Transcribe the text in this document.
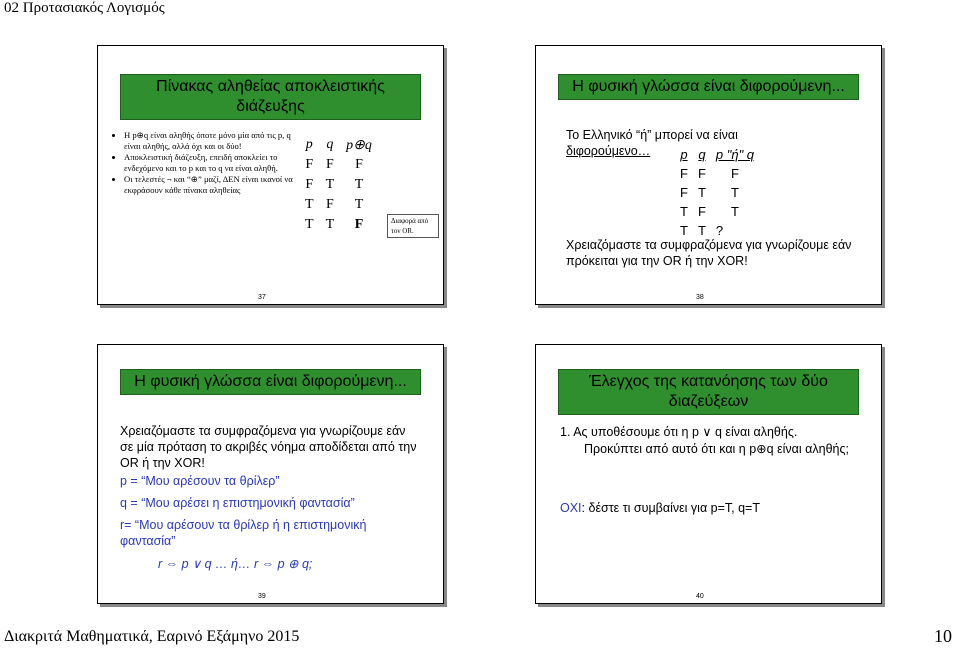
02 Προτασιακός Λογισμός
Πίνακας αληθείας αποκλειστικής διάζευξης
• Η p⊕q είναι αληθής όποτε μόνο μία από τις p, q είναι αληθής, αλλά όχι και οι δύο!
• Αποκλειστική διάζευξη, επειδή αποκλείει το ενδεχόμενο και το p και το q να είναι αληθή.
• Οι τελεστές ¬ και “⊕” μαζί, ΔΕΝ είναι ικανοί να εκφράσουν κάθε πίνακα αληθείας
p	q	p⊕q
F	F	F
F	T	T
T	F	T
T	T	F	Διαφορά από τον OR.
37
Η φυσική γλώσσα είναι διφορούμενη...
Το Ελληνικό “ή” μπορεί να είναι
διφορούμενο… p	q	p "ή" q
F	F	F
F	T	T
T	F	T
T	T	?
Χρειαζόμαστε τα συμφραζόμενα για γνωρίζουμε εάν πρόκειται για την OR ή την XOR!
38
Η φυσική γλώσσα είναι διφορούμενη...
Χρειαζόμαστε τα συμφραζόμενα για γνωρίζουμε εάν σε μία πρόταση το ακριβές νόημα αποδίδεται από την OR ή την XOR!
p = “Μου αρέσουν τα θρίλερ”
q = “Μου αρέσει η επιστημονική φαντασία”
r= “Μου αρέσουν τα θρίλερ ή η επιστημονική φαντασία”
r ⇔ p ∨ q … ή… r ⇔ p ⊕ q;
39
Έλεγχος της κατανόησης των δύο διαζεύξεων
1. Ας υποθέσουμε ότι η p ∨ q είναι αληθής.
Προκύπτει από αυτό ότι και η p⊕q είναι αληθής;
ΟΧΙ: δέστε τι συμβαίνει για p=T, q=T
40
Διακριτά Μαθηματικά, Εαρινό Εξάμηνο 2015	10
